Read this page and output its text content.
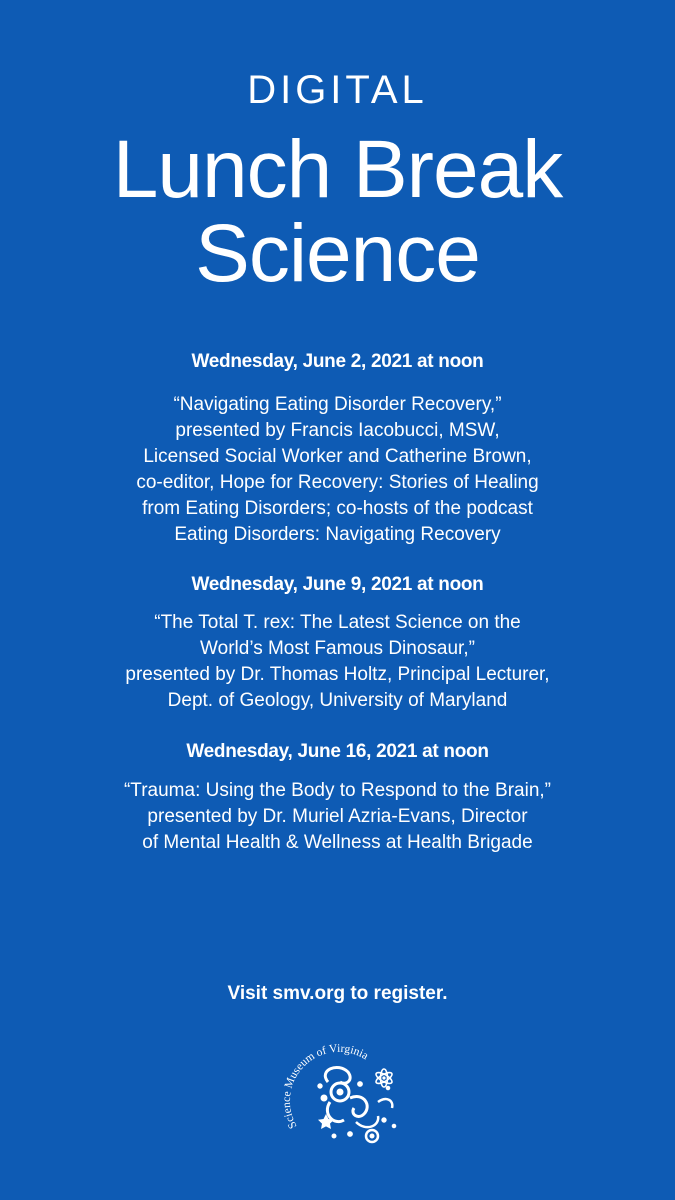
DIGITAL
Lunch Break
Science
Wednesday, June 2, 2021 at noon
“Navigating Eating Disorder Recovery,”
presented by Francis Iacobucci, MSW,
Licensed Social Worker and Catherine Brown,
co-editor, Hope for Recovery: Stories of Healing
from Eating Disorders; co-hosts of the podcast
Eating Disorders: Navigating Recovery
Wednesday, June 9, 2021 at noon
“The Total T. rex: The Latest Science on the
World’s Most Famous Dinosaur,”
presented by Dr. Thomas Holtz, Principal Lecturer,
Dept. of Geology, University of Maryland
Wednesday, June 16, 2021 at noon
“Trauma: Using the Body to Respond to the Brain,”
presented by Dr. Muriel Azria-Evans, Director
of Mental Health & Wellness at Health Brigade
Visit smv.org to register.
Science Museum of Virginia
